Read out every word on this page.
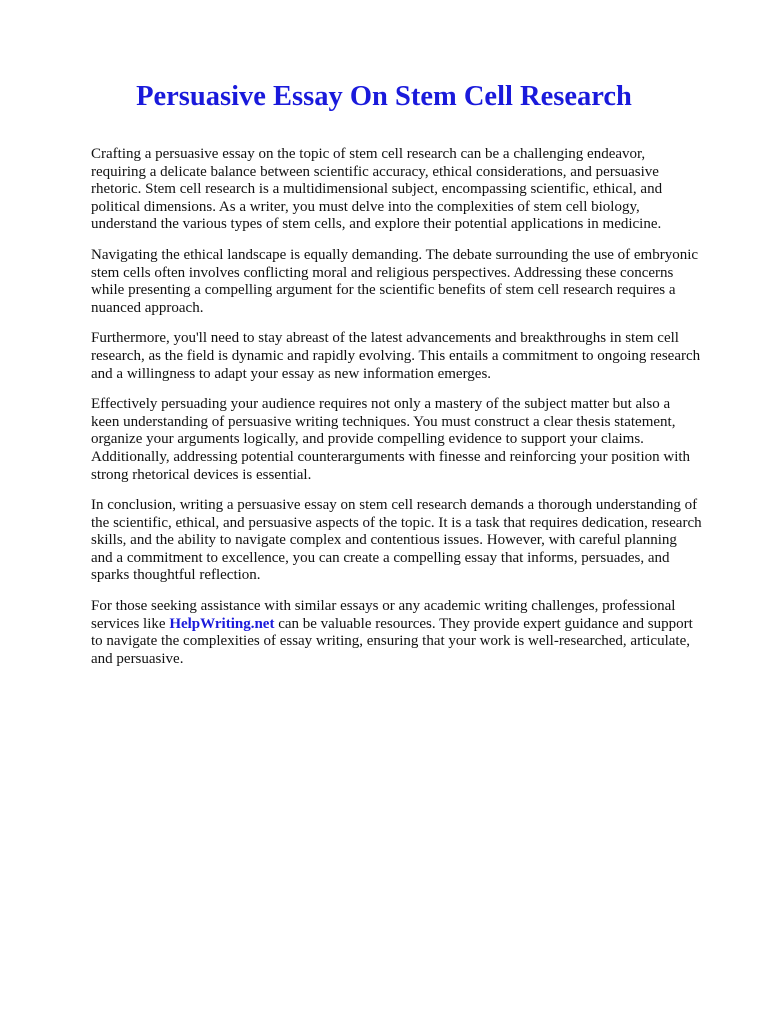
Persuasive Essay On Stem Cell Research

Crafting a persuasive essay on the topic of stem cell research can be a challenging endeavor,
requiring a delicate balance between scientific accuracy, ethical considerations, and persuasive
rhetoric. Stem cell research is a multidimensional subject, encompassing scientific, ethical, and
political dimensions. As a writer, you must delve into the complexities of stem cell biology,
understand the various types of stem cells, and explore their potential applications in medicine.

Navigating the ethical landscape is equally demanding. The debate surrounding the use of embryonic
stem cells often involves conflicting moral and religious perspectives. Addressing these concerns
while presenting a compelling argument for the scientific benefits of stem cell research requires a
nuanced approach.

Furthermore, you'll need to stay abreast of the latest advancements and breakthroughs in stem cell
research, as the field is dynamic and rapidly evolving. This entails a commitment to ongoing research
and a willingness to adapt your essay as new information emerges.

Effectively persuading your audience requires not only a mastery of the subject matter but also a
keen understanding of persuasive writing techniques. You must construct a clear thesis statement,
organize your arguments logically, and provide compelling evidence to support your claims.
Additionally, addressing potential counterarguments with finesse and reinforcing your position with
strong rhetorical devices is essential.

In conclusion, writing a persuasive essay on stem cell research demands a thorough understanding of
the scientific, ethical, and persuasive aspects of the topic. It is a task that requires dedication, research
skills, and the ability to navigate complex and contentious issues. However, with careful planning
and a commitment to excellence, you can create a compelling essay that informs, persuades, and
sparks thoughtful reflection.

For those seeking assistance with similar essays or any academic writing challenges, professional
services like HelpWriting.net can be valuable resources. They provide expert guidance and support
to navigate the complexities of essay writing, ensuring that your work is well-researched, articulate,
and persuasive.
